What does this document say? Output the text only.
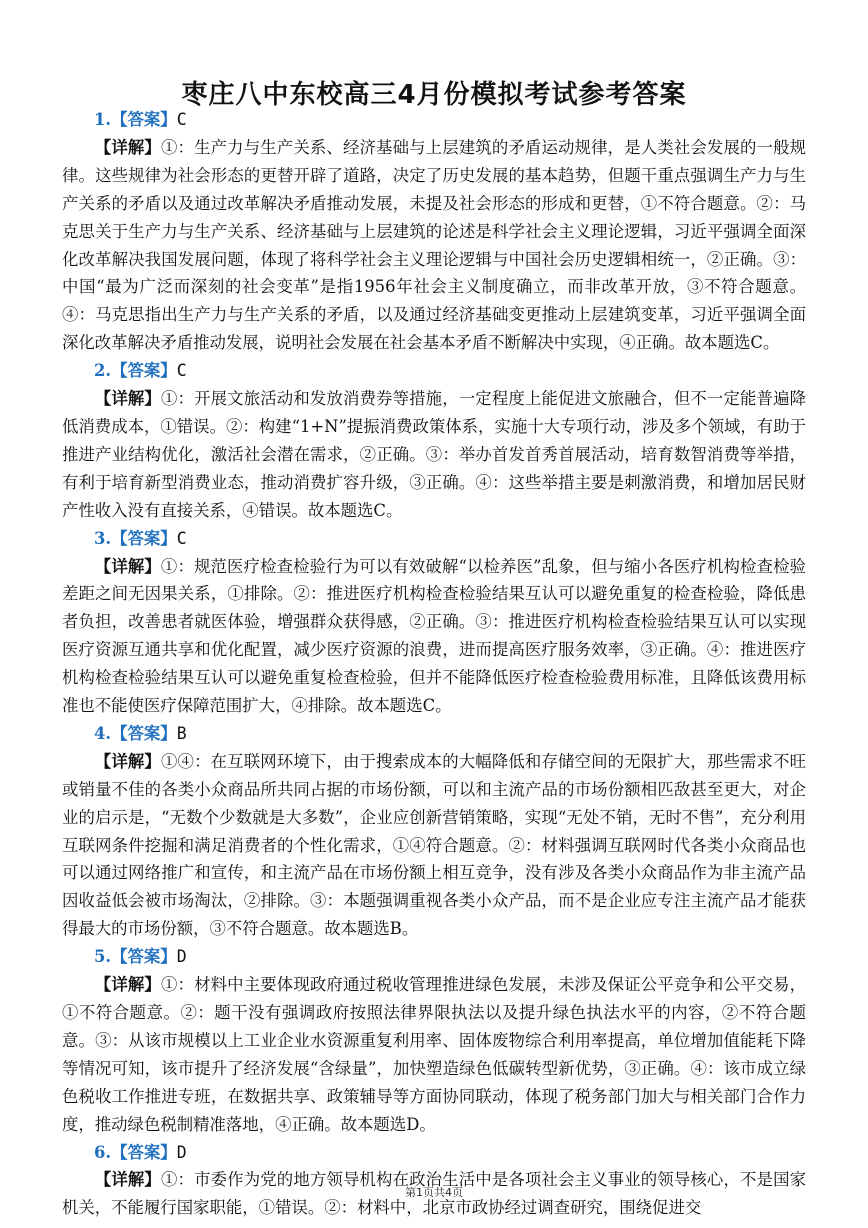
枣庄八中东校高三4月份模拟考试参考答案
1.【答案】C

【详解】①：生产力与生产关系、经济基础与上层建筑的矛盾运动规律，是人类社会发展的一般规律。这些规律为社会形态的更替开辟了道路，决定了历史发展的基本趋势，但题干重点强调生产力与生产关系的矛盾以及通过改革解决矛盾推动发展，未提及社会形态的形成和更替，①不符合题意。②：马克思关于生产力与生产关系、经济基础与上层建筑的论述是科学社会主义理论逻辑，习近平强调全面深化改革解决我国发展问题，体现了将科学社会主义理论逻辑与中国社会历史逻辑相统一，②正确。③：中国“最为广泛而深刻的社会变革”是指1956年社会主义制度确立，而非改革开放，③不符合题意。④：马克思指出生产力与生产关系的矛盾，以及通过经济基础变更推动上层建筑变革，习近平强调全面深化改革解决矛盾推动发展，说明社会发展在社会基本矛盾不断解决中实现，④正确。故本题选C。

2.【答案】C

【详解】①：开展文旅活动和发放消费券等措施，一定程度上能促进文旅融合，但不一定能普遍降低消费成本，①错误。②：构建“1+N”提振消费政策体系，实施十大专项行动，涉及多个领域，有助于推进产业结构优化，激活社会潜在需求，②正确。③：举办首发首秀首展活动，培育数智消费等举措，有利于培育新型消费业态，推动消费扩容升级，③正确。④：这些举措主要是刺激消费，和增加居民财产性收入没有直接关系，④错误。故本题选C。

3.【答案】C

【详解】①：规范医疗检查检验行为可以有效破解“以检养医”乱象，但与缩小各医疗机构检查检验差距之间无因果关系，①排除。②：推进医疗机构检查检验结果互认可以避免重复的检查检验，降低患者负担，改善患者就医体验，增强群众获得感，②正确。③：推进医疗机构检查检验结果互认可以实现医疗资源互通共享和优化配置，减少医疗资源的浪费，进而提高医疗服务效率，③正确。④：推进医疗机构检查检验结果互认可以避免重复检查检验，但并不能降低医疗检查检验费用标准，且降低该费用标准也不能使医疗保障范围扩大，④排除。故本题选C。

4.【答案】B

【详解】①④：在互联网环境下，由于搜索成本的大幅降低和存储空间的无限扩大，那些需求不旺或销量不佳的各类小众商品所共同占据的市场份额，可以和主流产品的市场份额相匹敌甚至更大，对企业的启示是，“无数个少数就是大多数”，企业应创新营销策略，实现“无处不销，无时不售”，充分利用互联网条件挖掘和满足消费者的个性化需求，①④符合题意。②：材料强调互联网时代各类小众商品也可以通过网络推广和宣传，和主流产品在市场份额上相互竞争，没有涉及各类小众商品作为非主流产品因收益低会被市场淘汰，②排除。③：本题强调重视各类小众产品，而不是企业应专注主流产品才能获得最大的市场份额，③不符合题意。故本题选B。

5.【答案】D

【详解】①：材料中主要体现政府通过税收管理推进绿色发展，未涉及保证公平竞争和公平交易，①不符合题意。②：题干没有强调政府按照法律界限执法以及提升绿色执法水平的内容，②不符合题意。③：从该市规模以上工业企业水资源重复利用率、固体废物综合利用率提高，单位增加值能耗下降等情况可知，该市提升了经济发展“含绿量”，加快塑造绿色低碳转型新优势，③正确。④：该市成立绿色税收工作推进专班，在数据共享、政策辅导等方面协同联动，体现了税务部门加大与相关部门合作力度，推动绿色税制精准落地，④正确。故本题选D。

6.【答案】D

【详解】①：市委作为党的地方领导机构在政治生活中是各项社会主义事业的领导核心，不是国家机关，不能履行国家职能，①错误。②：材料中，北京市政协经过调查研究，围绕促进交

第1页共4页
